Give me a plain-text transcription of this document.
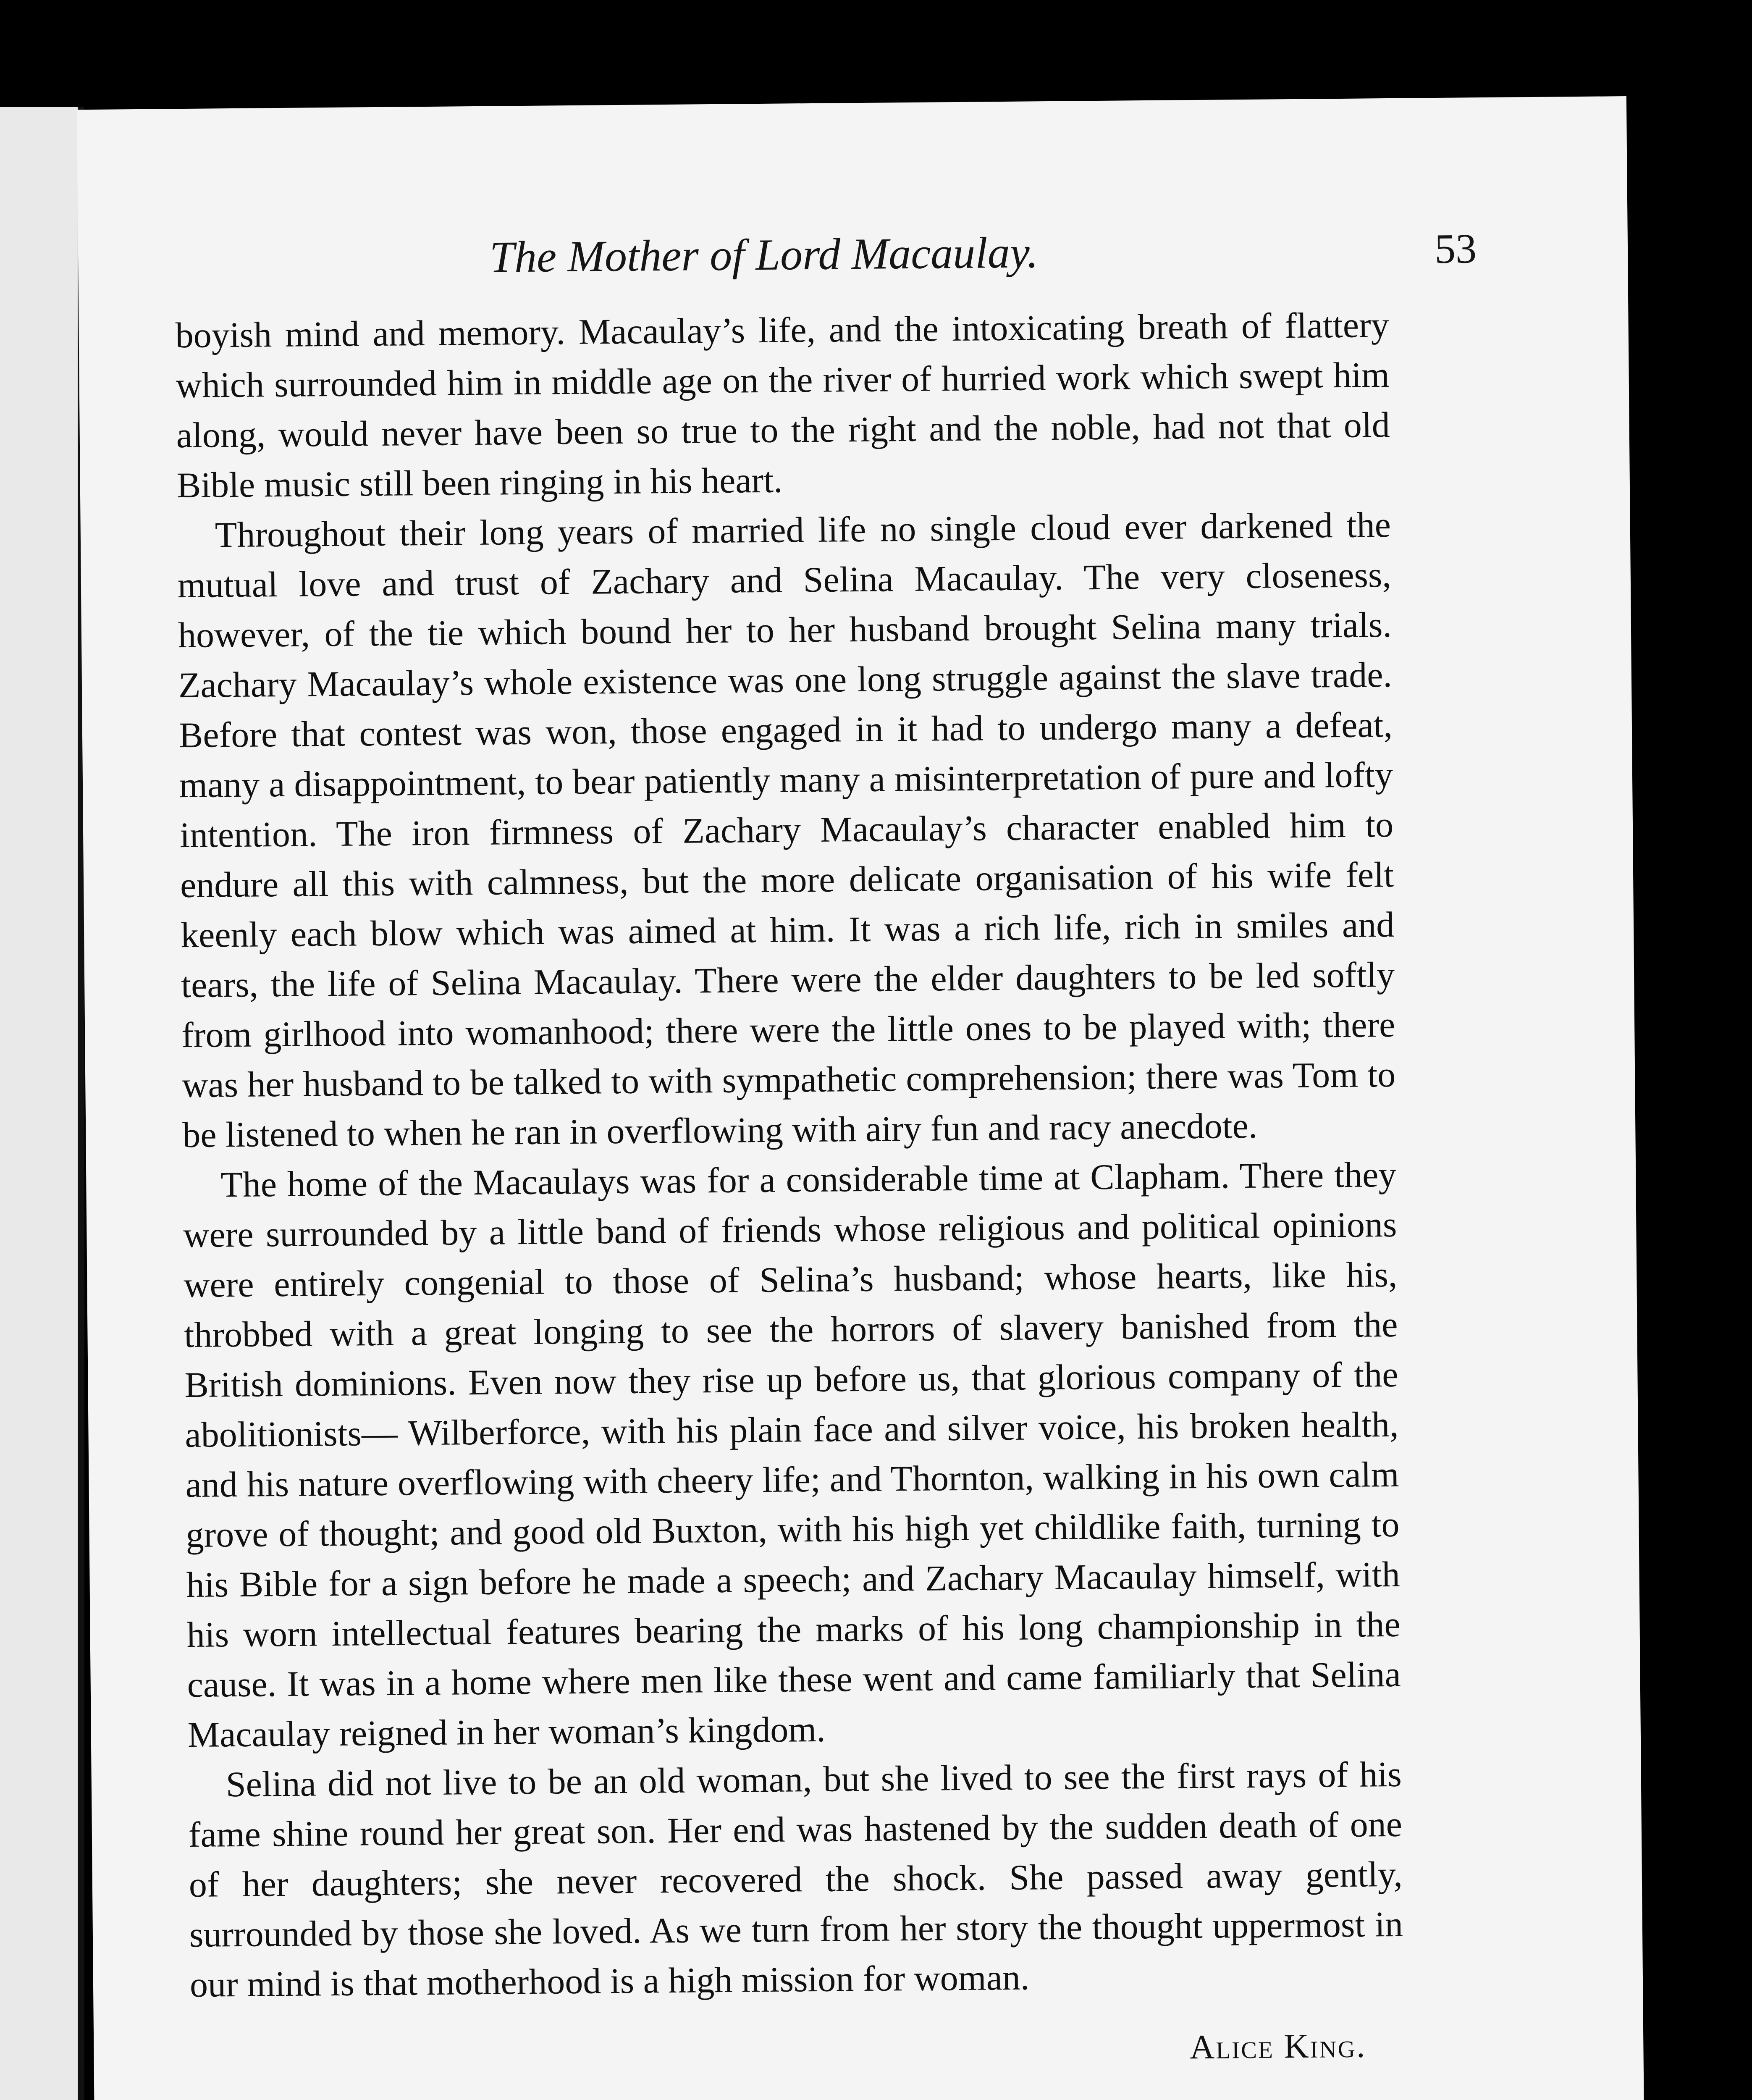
The Mother of Lord Macaulay.	53

boyish mind and memory. Macaulay’s life, and the intoxicating breath of flattery which surrounded him in middle age on the river of hurried work which swept him along, would never have been so true to the right and the noble, had not that old Bible music still been ringing in his heart.

Throughout their long years of married life no single cloud ever darkened the mutual love and trust of Zachary and Selina Macaulay. The very closeness, however, of the tie which bound her to her husband brought Selina many trials. Zachary Macaulay’s whole existence was one long struggle against the slave trade. Before that contest was won, those engaged in it had to undergo many a defeat, many a disappointment, to bear patiently many a misinterpretation of pure and lofty intention. The iron firmness of Zachary Macaulay’s character enabled him to endure all this with calmness, but the more delicate organisation of his wife felt keenly each blow which was aimed at him. It was a rich life, rich in smiles and tears, the life of Selina Macaulay. There were the elder daughters to be led softly from girlhood into womanhood; there were the little ones to be played with; there was her husband to be talked to with sympathetic comprehension; there was Tom to be listened to when he ran in overflowing with airy fun and racy anecdote.

The home of the Macaulays was for a considerable time at Clapham. There they were surrounded by a little band of friends whose religious and political opinions were entirely congenial to those of Selina’s husband; whose hearts, like his, throbbed with a great longing to see the horrors of slavery banished from the British dominions. Even now they rise up before us, that glorious company of the abolitionists— Wilberforce, with his plain face and silver voice, his broken health, and his nature overflowing with cheery life; and Thornton, walking in his own calm grove of thought; and good old Buxton, with his high yet childlike faith, turning to his Bible for a sign before he made a speech; and Zachary Macaulay himself, with his worn intellectual features bearing the marks of his long championship in the cause. It was in a home where men like these went and came familiarly that Selina Macaulay reigned in her woman’s kingdom.

Selina did not live to be an old woman, but she lived to see the first rays of his fame shine round her great son. Her end was hastened by the sudden death of one of her daughters; she never recovered the shock. She passed away gently, surrounded by those she loved. As we turn from her story the thought uppermost in our mind is that motherhood is a high mission for woman.

Alice King.
